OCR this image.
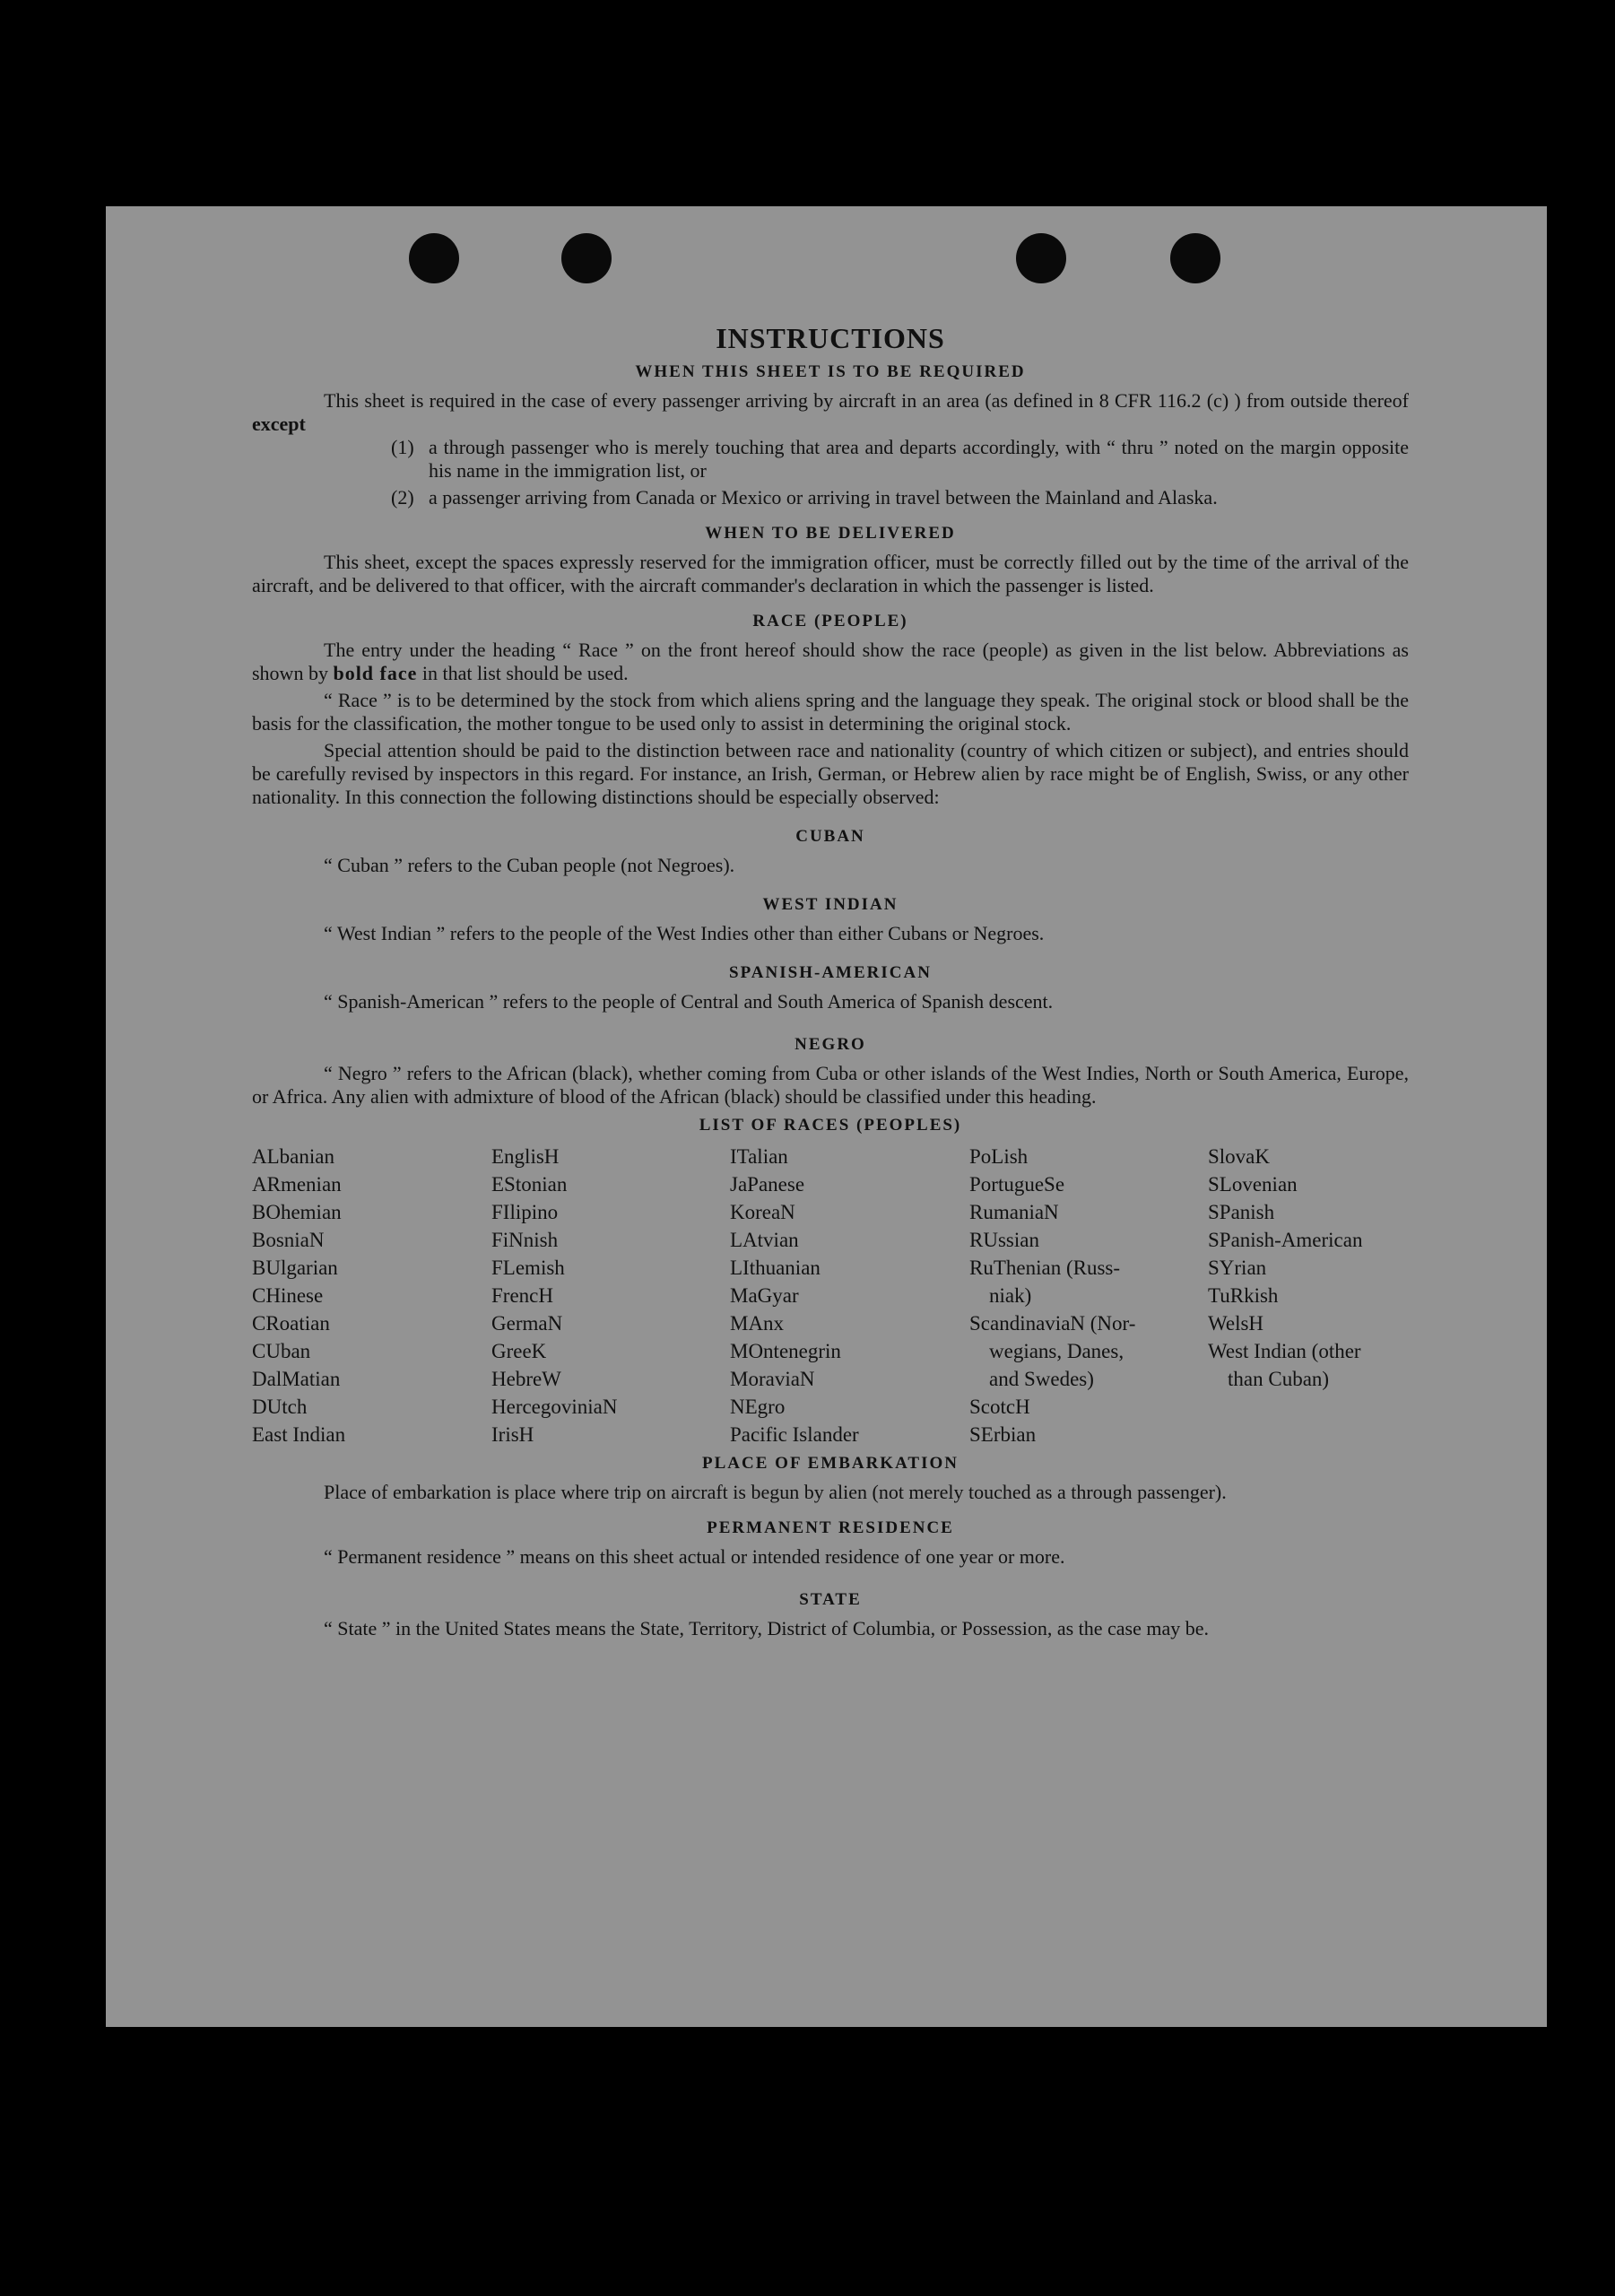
INSTRUCTIONS
WHEN THIS SHEET IS TO BE REQUIRED

This sheet is required in the case of every passenger arriving by aircraft in an area (as defined in 8 CFR 116.2 (c) ) from outside thereof except

(1) a through passenger who is merely touching that area and departs accordingly, with “ thru ” noted on the margin opposite his name in the immigration list, or
(2) a passenger arriving from Canada or Mexico or arriving in travel between the Mainland and Alaska.
WHEN TO BE DELIVERED

This sheet, except the spaces expressly reserved for the immigration officer, must be correctly filled out by the time of the arrival of the aircraft, and be delivered to that officer, with the aircraft commander's declaration in which the passenger is listed.

RACE (PEOPLE)

The entry under the heading “ Race ” on the front hereof should show the race (people) as given in the list below. Abbreviations as shown by bold face in that list should be used.

“ Race ” is to be determined by the stock from which aliens spring and the language they speak. The original stock or blood shall be the basis for the classification, the mother tongue to be used only to assist in determining the original stock.

Special attention should be paid to the distinction between race and nationality (country of which citizen or subject), and entries should be carefully revised by inspectors in this regard. For instance, an Irish, German, or Hebrew alien by race might be of English, Swiss, or any other nationality. In this connection the following distinctions should be especially observed:

CUBAN

“ Cuban ” refers to the Cuban people (not Negroes).

WEST INDIAN

“ West Indian ” refers to the people of the West Indies other than either Cubans or Negroes.

SPANISH-AMERICAN

“ Spanish-American ” refers to the people of Central and South America of Spanish descent.

NEGRO

“ Negro ” refers to the African (black), whether coming from Cuba or other islands of the West Indies, North or South America, Europe, or Africa. Any alien with admixture of blood of the African (black) should be classified under this heading.

LIST OF RACES (PEOPLES)
ALbanian
ARmenian
BOhemian
BosniaN
BUlgarian
CHinese
CRoatian
CUban
DalMatian
DUtch
East Indian
EnglisH
EStonian
FIlipino
FiNnish
FLemish
FrencH
GermaN
GreeK
HebreW
HercegoviniaN
IrisH
ITalian
JaPanese
KoreaN
LAtvian
LIthuanian
MaGyar
MAnx
MOntenegrin
MoraviaN
NEgro
Pacific Islander
PoLish
PortugueSe
RumaniaN
RUssian
RuThenian (Russ-
niak)
ScandinaviaN (Nor-
wegians, Danes,
and Swedes)
ScotcH
SErbian
SlovaK
SLovenian
SPanish
SPanish-American
SYrian
TuRkish
WelsH
West Indian (other
than Cuban)
PLACE OF EMBARKATION

Place of embarkation is place where trip on aircraft is begun by alien (not merely touched as a through passenger).

PERMANENT RESIDENCE

“ Permanent residence ” means on this sheet actual or intended residence of one year or more.

STATE

“ State ” in the United States means the State, Territory, District of Columbia, or Possession, as the case may be.
